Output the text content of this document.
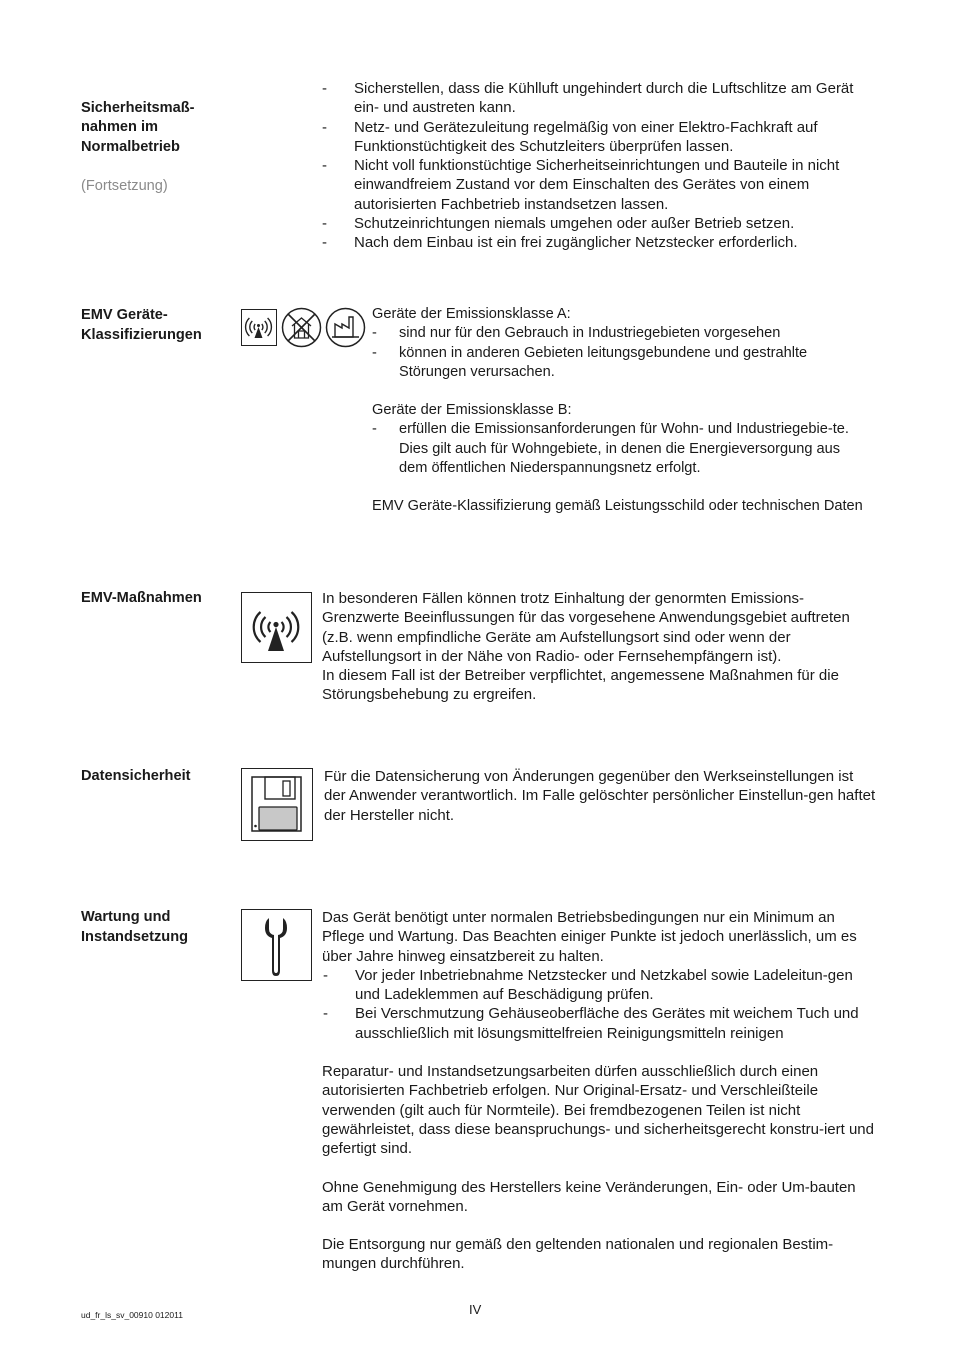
Sicherheitsmaß-
nahmen im
Normalbetrieb

(Fortsetzung)

- Sicherstellen, dass die Kühlluft ungehindert durch die Luftschlitze am Gerät ein- und austreten kann.
- Netz- und Gerätezuleitung regelmäßig von einer Elektro-Fachkraft auf Funktionstüchtigkeit des Schutzleiters überprüfen lassen.
- Nicht voll funktionstüchtige Sicherheitseinrichtungen und Bauteile in nicht einwandfreiem Zustand vor dem Einschalten des Gerätes von einem autorisierten Fachbetrieb instandsetzen lassen.
- Schutzeinrichtungen niemals umgehen oder außer Betrieb setzen.
- Nach dem Einbau ist ein frei zugänglicher Netzstecker erforderlich.
EMV Geräte-
Klassifizierungen

Geräte der Emissionsklasse A:

- sind nur für den Gebrauch in Industriegebieten vorgesehen
- können in anderen Gebieten leitungsgebundene und gestrahlte Störungen verursachen.

Geräte der Emissionsklasse B:

- erfüllen die Emissionsanforderungen für Wohn- und Industriegebie-te. Dies gilt auch für Wohngebiete, in denen die Energieversorgung aus dem öffentlichen Niederspannungsnetz erfolgt.

EMV Geräte-Klassifizierung gemäß Leistungsschild oder technischen Daten

EMV-Maßnahmen	In besonderen Fällen können trotz Einhaltung der genormten Emissions-Grenzwerte Beeinflussungen für das vorgesehene Anwendungsgebiet auftreten (z.B. wenn empfindliche Geräte am Aufstellungsort sind oder wenn der Aufstellungsort in der Nähe von Radio- oder Fernsehempfängern ist).
In diesem Fall ist der Betreiber verpflichtet, angemessene Maßnahmen für die Störungsbehebung zu ergreifen.
Datensicherheit	Für die Datensicherung von Änderungen gegenüber den Werkseinstellungen ist der Anwender verantwortlich. Im Falle gelöschter persönlicher Einstellun-gen haftet der Hersteller nicht.
Wartung und
Instandsetzung

Das Gerät benötigt unter normalen Betriebsbedingungen nur ein Minimum an Pflege und Wartung. Das Beachten einiger Punkte ist jedoch unerlässlich, um es über Jahre hinweg einsatzbereit zu halten.

- Vor jeder Inbetriebnahme Netzstecker und Netzkabel sowie Ladeleitun-gen und Ladeklemmen auf Beschädigung prüfen.
- Bei Verschmutzung Gehäuseoberfläche des Gerätes mit weichem Tuch und ausschließlich mit lösungsmittelfreien Reinigungsmitteln reinigen

Reparatur- und Instandsetzungsarbeiten dürfen ausschließlich durch einen autorisierten Fachbetrieb erfolgen. Nur Original-Ersatz- und Verschleißteile verwenden (gilt auch für Normteile). Bei fremdbezogenen Teilen ist nicht gewährleistet, dass diese beanspruchungs- und sicherheitsgerecht konstru-iert und gefertigt sind.

Ohne Genehmigung des Herstellers keine Veränderungen, Ein- oder Um-bauten am Gerät vornehmen.

Die Entsorgung nur gemäß den geltenden nationalen und regionalen Bestim-mungen durchführen.

ud_fr_ls_sv_00910 012011	IV
